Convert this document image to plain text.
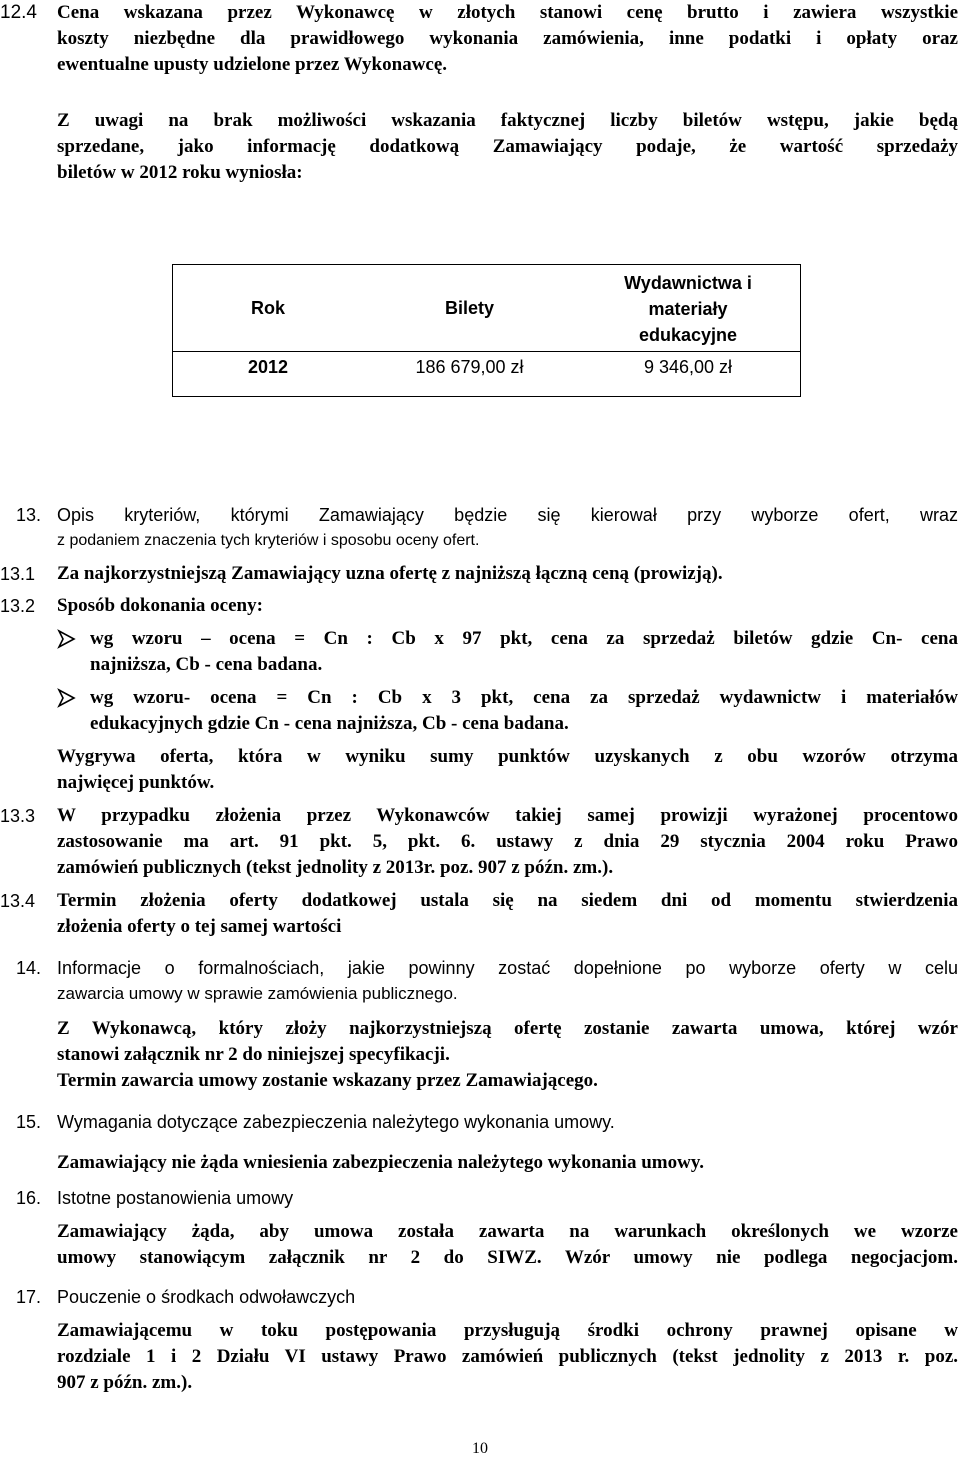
12.4 Cena wskazana przez Wykonawcę w złotych stanowi cenę brutto i zawiera wszystkie
koszty niezbędne dla prawidłowego wykonania zamówienia, inne podatki i opłaty oraz
ewentualne upusty udzielone przez Wykonawcę.
Z uwagi na brak możliwości wskazania faktycznej liczby biletów wstępu, jakie będą
sprzedane, jako informację dodatkową Zamawiający podaje, że wartość sprzedaży
biletów w 2012 roku wyniosła:
Rok	Bilety	Wydawnictwa i
materiały
edukacyjne

2012	186 679,00 zł	9 346,00 zł
13. Opis kryteriów, którymi Zamawiający będzie się kierował przy wyborze ofert, wraz
z podaniem znaczenia tych kryteriów i sposobu oceny ofert.
13.1 Za najkorzystniejszą Zamawiający uzna ofertę z najniższą łączną ceną (prowizją).
13.2 Sposób dokonania oceny:
wg wzoru – ocena = Cn : Cb x 97 pkt, cena za sprzedaż biletów gdzie Cn- cena
najniższa, Cb - cena badana.
wg wzoru- ocena = Cn : Cb x 3 pkt, cena za sprzedaż wydawnictw i materiałów
edukacyjnych gdzie Cn - cena najniższa, Cb - cena badana.
Wygrywa oferta, która w wyniku sumy punktów uzyskanych z obu wzorów otrzyma
najwięcej punktów.
13.3 W przypadku złożenia przez Wykonawców takiej samej prowizji wyrażonej procentowo
zastosowanie ma art. 91 pkt. 5, pkt. 6. ustawy z dnia 29 stycznia 2004 roku Prawo
zamówień publicznych (tekst jednolity z 2013r. poz. 907 z późn. zm.).
13.4 Termin złożenia oferty dodatkowej ustala się na siedem dni od momentu stwierdzenia
złożenia oferty o tej samej wartości
14. Informacje o formalnościach, jakie powinny zostać dopełnione po wyborze oferty w celu
zawarcia umowy w sprawie zamówienia publicznego.
Z Wykonawcą, który złoży najkorzystniejszą ofertę zostanie zawarta umowa, której wzór
stanowi załącznik nr 2 do niniejszej specyfikacji.
Termin zawarcia umowy zostanie wskazany przez Zamawiającego.
15. Wymagania dotyczące zabezpieczenia należytego wykonania umowy.
Zamawiający nie żąda wniesienia zabezpieczenia należytego wykonania umowy.
16. Istotne postanowienia umowy
Zamawiający żąda, aby umowa została zawarta na warunkach określonych we wzorze
umowy stanowiącym załącznik nr 2 do SIWZ. Wzór umowy nie podlega negocjacjom.
17. Pouczenie o środkach odwoławczych
Zamawiającemu w toku postępowania przysługują środki ochrony prawnej opisane w
rozdziale 1 i 2 Działu VI ustawy Prawo zamówień publicznych (tekst jednolity z 2013 r. poz.
907 z późn. zm.).
10
